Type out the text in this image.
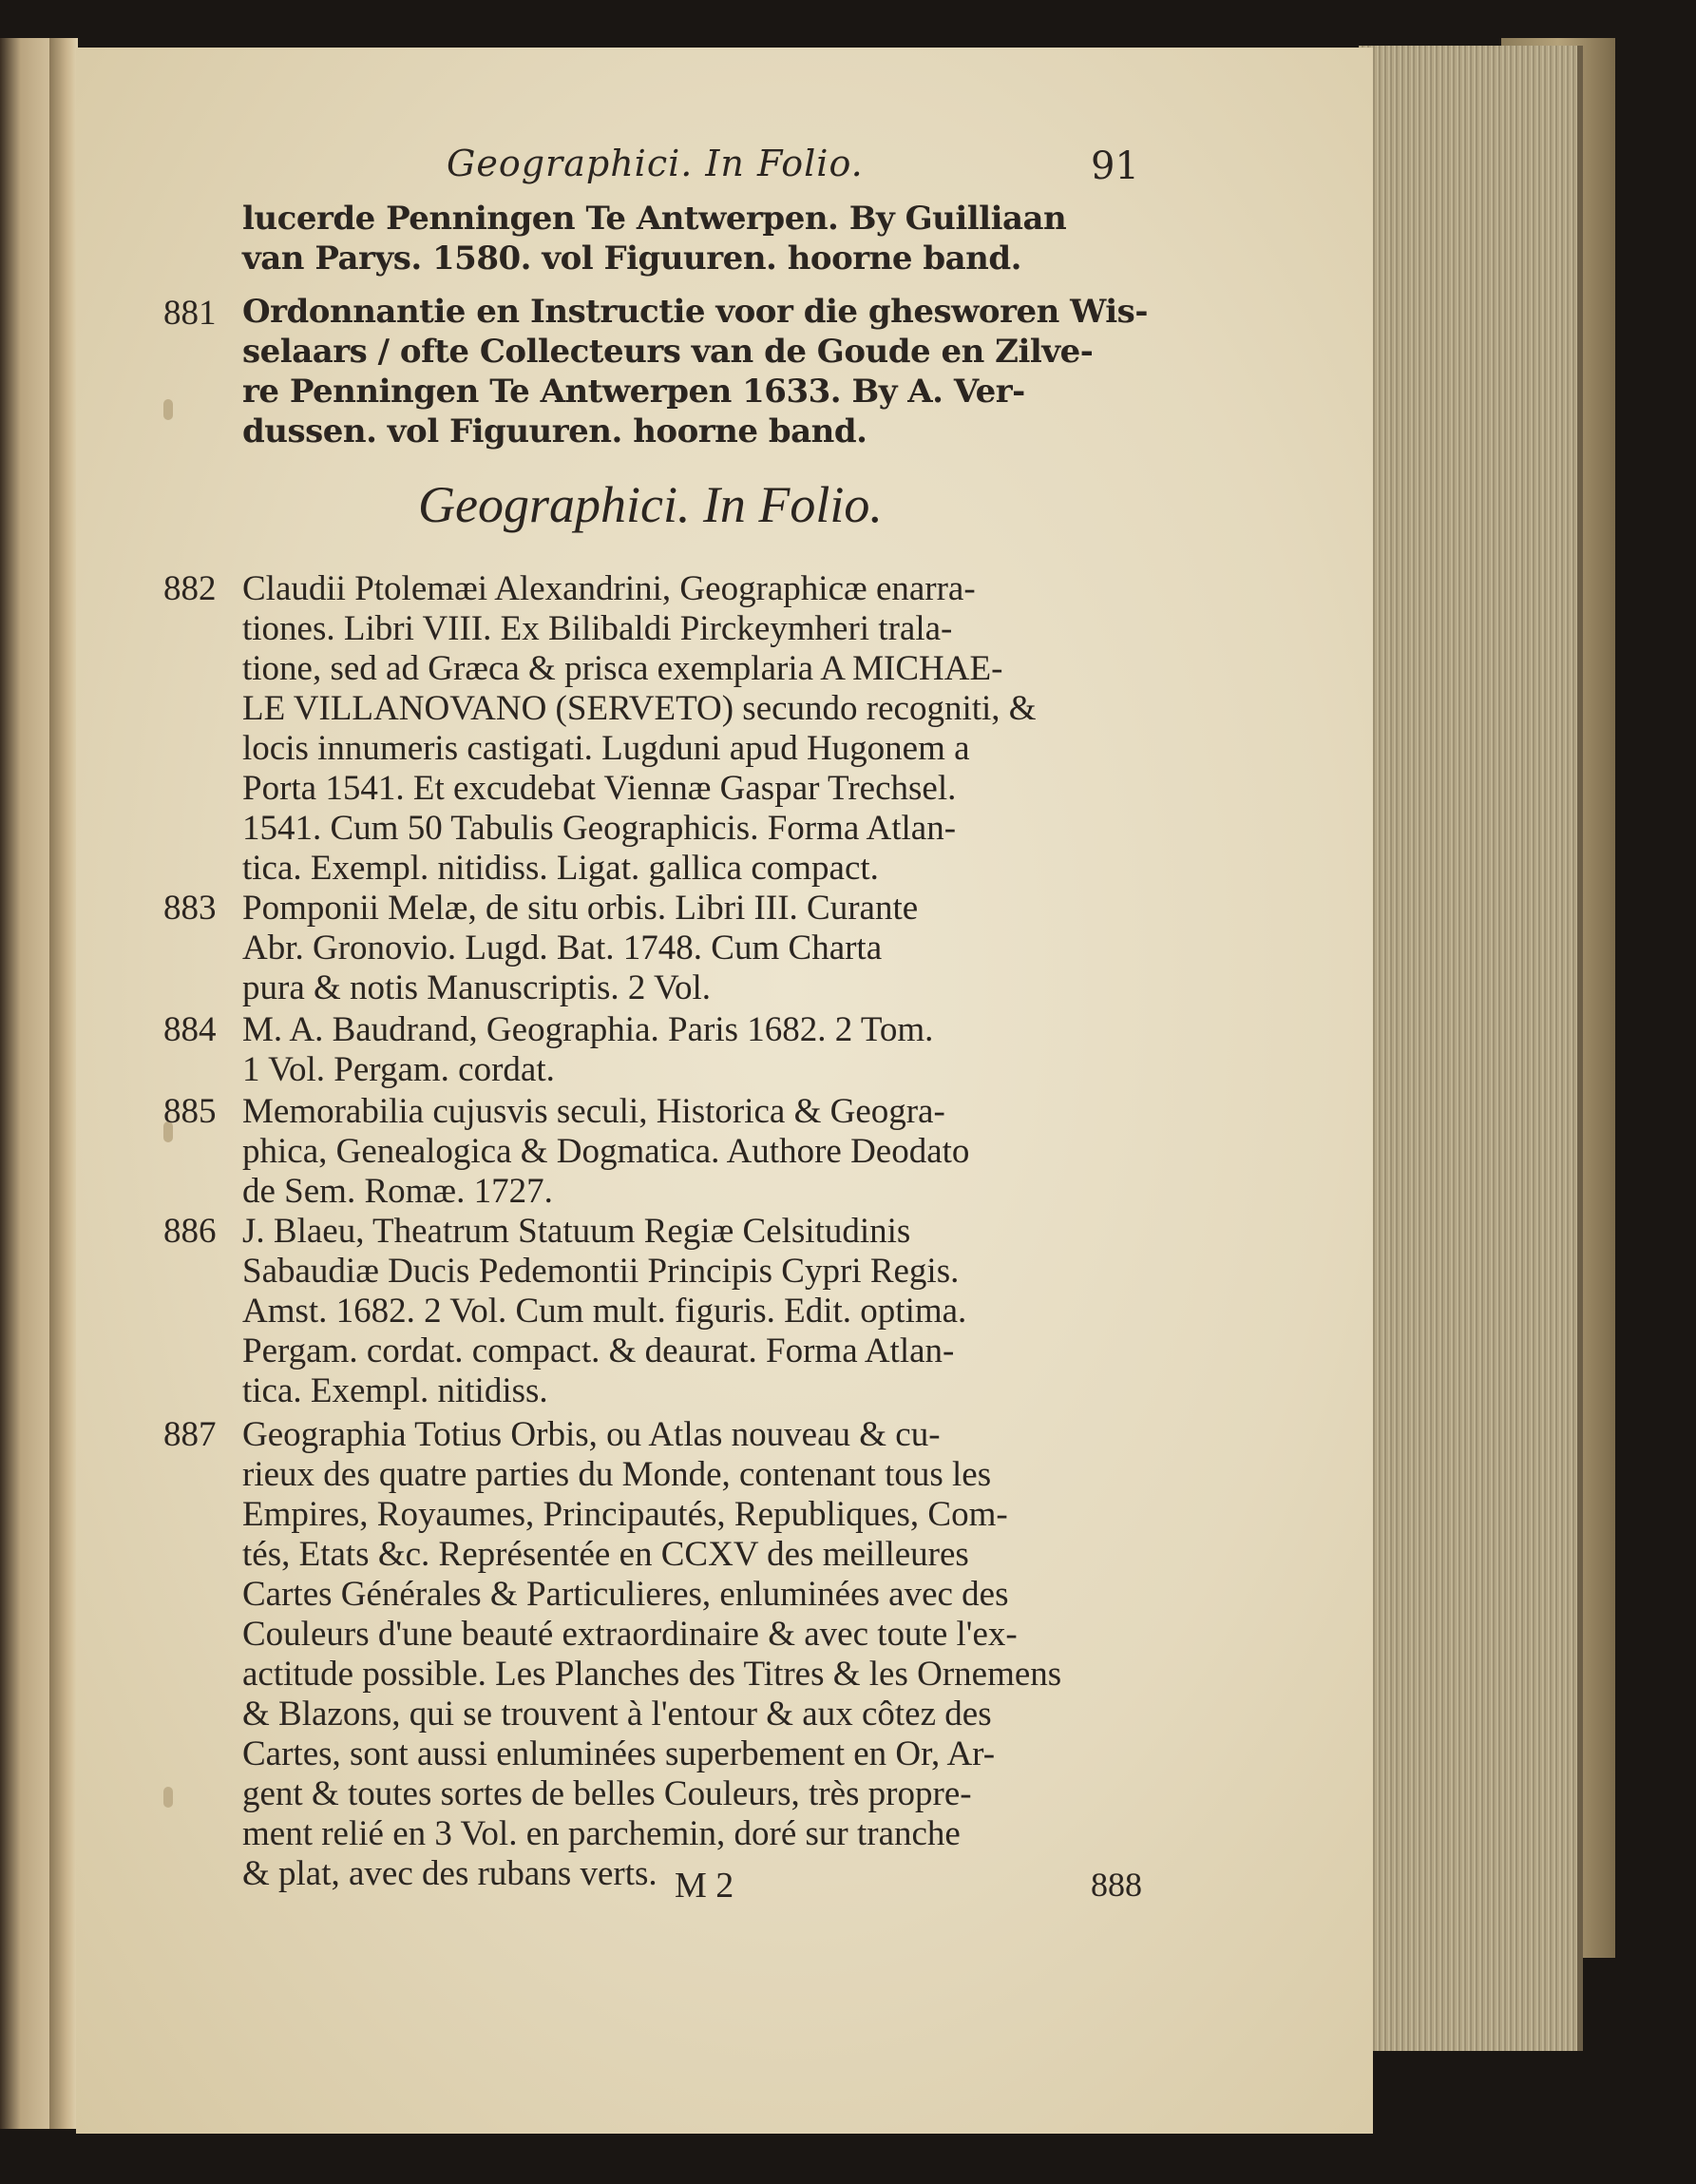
Geographici. In Folio.	91
Geographici. In Folio.
lucerde Penningen Te Antwerpen. By Guilliaan
van Parys. 1580. vol Figuuren. hoorne band.
881 Ordonnantie en Instructie voor die ghesworen Wis-
selaars / ofte Collecteurs van de Goude en Zilve-
re Penningen Te Antwerpen 1633. By A. Ver-
dussen. vol Figuuren. hoorne band.
882 Claudii Ptolemæi Alexandrini, Geographicæ enarra-
tiones. Libri VIII. Ex Bilibaldi Pirckeymheri trala-
tione, sed ad Græca & prisca exemplaria A MICHAE-
LE VILLANOVANO (SERVETO) secundo recogniti, &
locis innumeris castigati. Lugduni apud Hugonem a
Porta 1541. Et excudebat Viennæ Gaspar Trechsel.
1541. Cum 50 Tabulis Geographicis. Forma Atlan-
tica. Exempl. nitidiss. Ligat. gallica compact.
883 Pomponii Melæ, de situ orbis. Libri III. Curante
Abr. Gronovio. Lugd. Bat. 1748. Cum Charta
pura & notis Manuscriptis. 2 Vol.
884 M. A. Baudrand, Geographia. Paris 1682. 2 Tom.
1 Vol. Pergam. cordat.
885 Memorabilia cujusvis seculi, Historica & Geogra-
phica, Genealogica & Dogmatica. Authore Deodato
de Sem. Romæ. 1727.
886 J. Blaeu, Theatrum Statuum Regiæ Celsitudinis
Sabaudiæ Ducis Pedemontii Principis Cypri Regis.
Amst. 1682. 2 Vol. Cum mult. figuris. Edit. optima.
Pergam. cordat. compact. & deaurat. Forma Atlan-
tica. Exempl. nitidiss.
887 Geographia Totius Orbis, ou Atlas nouveau & cu-
rieux des quatre parties du Monde, contenant tous les
Empires, Royaumes, Principautés, Republiques, Com-
tés, Etats &c. Représentée en CCXV des meilleures
Cartes Générales & Particulieres, enluminées avec des
Couleurs d'une beauté extraordinaire & avec toute l'ex-
actitude possible. Les Planches des Titres & les Ornemens
& Blazons, qui se trouvent à l'entour & aux côtez des
Cartes, sont aussi enluminées superbement en Or, Ar-
gent & toutes sortes de belles Couleurs, très propre-
ment relié en 3 Vol. en parchemin, doré sur tranche
& plat, avec des rubans verts. M 2	888
